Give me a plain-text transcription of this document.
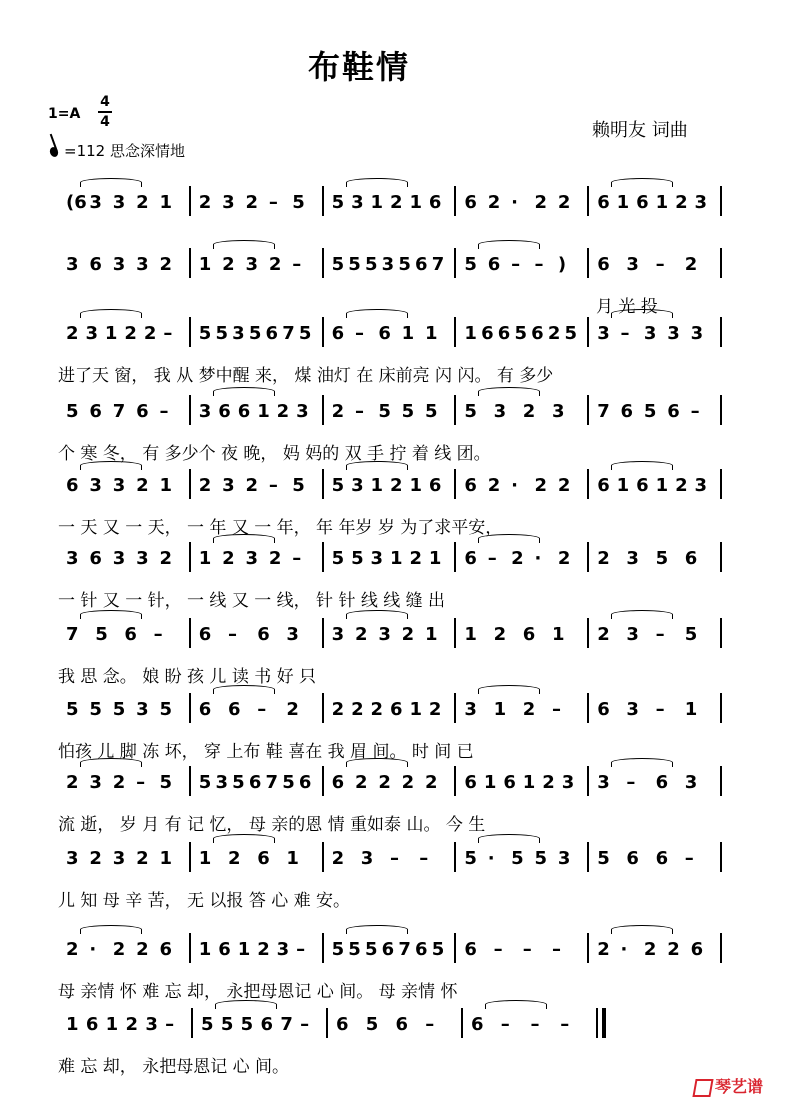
布鞋情
1=A
4
4
=112 思念深情地
赖明友 词曲
(6 3 3 2 1 2 3 2 – 5 5 3 1 2 1 6 6 2 · 2 2 6 1 6 1 2 3
3 6 3 3 2 1 2 3 2 – 5 5 5 3 5 6 7 5 6 – – ) 6 3 – 2
月 光 投
2 3 1 2 2 – 5 5 3 5 6 7 5 6 – 6 1 1 1 6 6 5 6 2 5 3 – 3 3 3
进了天 窗， 我 从 梦中醒 来， 煤 油灯 在 床前亮 闪 闪。 有 多少
5 6 7 6 – 3 6 6 1 2 3 2 – 5 5 5 5 3 2 3 7 6 5 6 –
个 寒 冬， 有 多少个 夜 晚， 妈 妈的 双 手 拧 着 线 团。
6 3 3 2 1 2 3 2 – 5 5 3 1 2 1 6 6 2 · 2 2 6 1 6 1 2 3
一 天 又 一 天， 一 年 又 一 年， 年 年岁 岁 为了求平安，
3 6 3 3 2 1 2 3 2 – 5 5 3 1 2 1 6 – 2 · 2 2 3 5 6
一 针 又 一 针， 一 线 又 一 线， 针 针 线 线 缝 出
7 5 6 – 6 – 6 3 3 2 3 2 1 1 2 6 1 2 3 – 5
我 思 念。 娘 盼 孩 儿 读 书 好 只
5 5 5 3 5 6 6 – 2 2 2 2 6 1 2 3 1 2 – 6 3 – 1
怕孩 儿 脚 冻 坏， 穿 上布 鞋 喜在 我 眉 间。 时 间 已
2 3 2 – 5 5 3 5 6 7 5 6 6 2 2 2 2 6 1 6 1 2 3 3 – 6 3
流 逝， 岁 月 有 记 忆， 母 亲的恩 情 重如泰 山。 今 生
3 2 3 2 1 1 2 6 1 2 3 – – 5 · 5 5 3 5 6 6 –
儿 知 母 辛 苦， 无 以报 答 心 难 安。
2 · 2 2 6 1 6 1 2 3 – 5 5 5 6 7 6 5 6 – – – 2 · 2 2 6
母 亲情 怀 难 忘 却， 永把母恩记 心 间。 母 亲情 怀
1 6 1 2 3 – 5 5 5 6 7 – 6 5 6 – 6 – – –
难 忘 却， 永把母恩记 心 间。
琴艺谱
